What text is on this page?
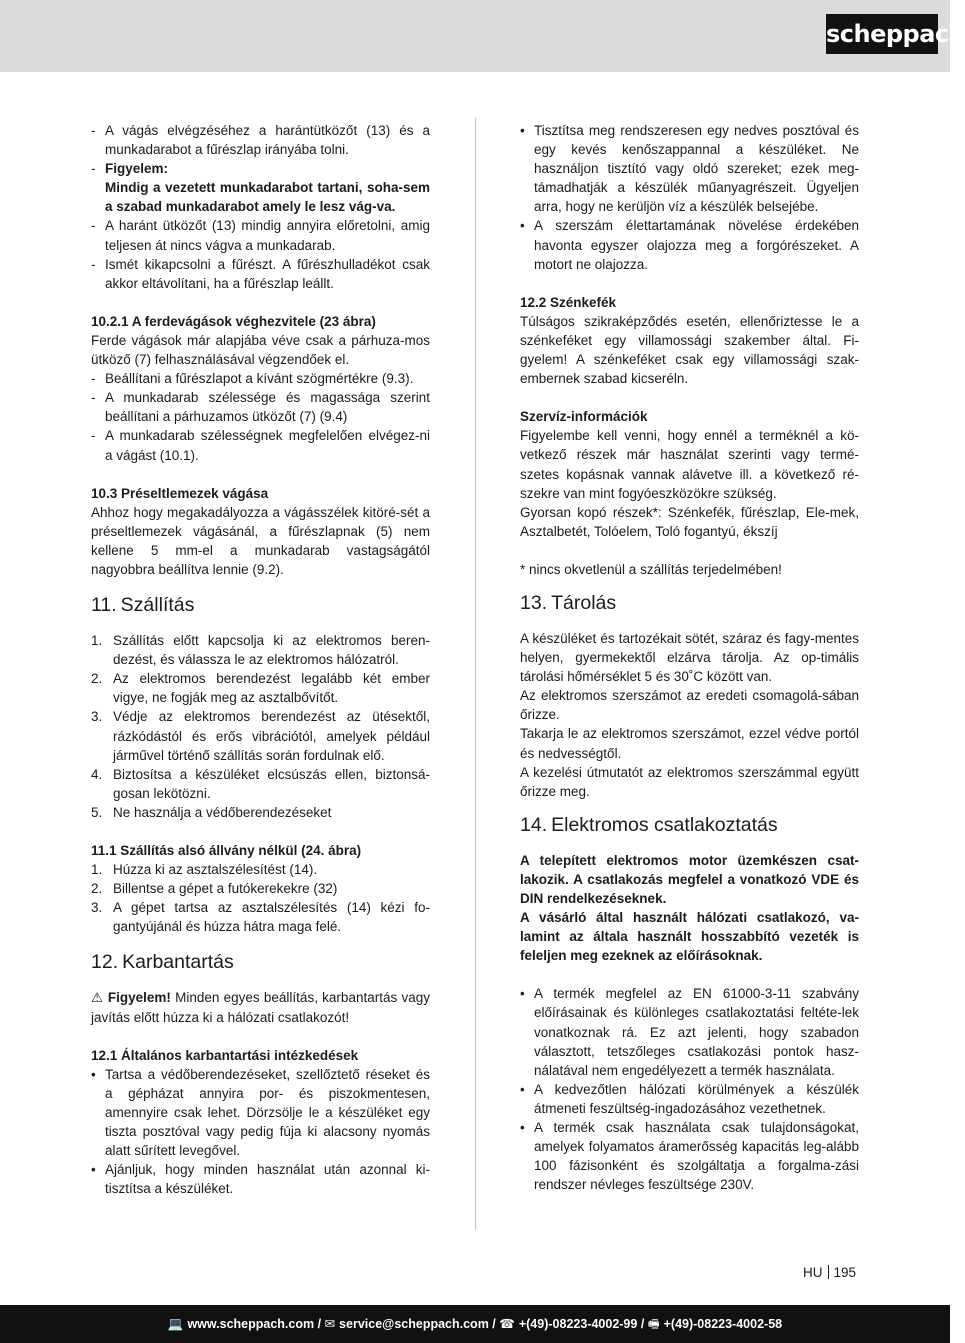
scheppach
- A vágás elvégzéséhez a harántütközőt (13) és a munkadarabot a fűrészlap irányába tolni.
- Figyelem:
Mindig a vezetett munkadarabot tartani, soha-sem a szabad munkadarabot amely le lesz vág-va.
- A haránt ütközőt (13) mindig annyira előretolni, amig teljesen át nincs vágva a munkadarab.
- Ismét kikapcsolni a fűrészt. A fűrészhulladékot csak akkor eltávolítani, ha a fűrészlap leállt.

10.2.1 A ferdevágások véghezvitele (23 ábra)

Ferde vágások már alapjába véve csak a párhuza-mos ütköző (7) felhasználásával végzendőek el.

- Beállítani a fűrészlapot a kívánt szögmértékre (9.3).
- A munkadarab szélessége és magassága szerint beállítani a párhuzamos ütközőt (7) (9.4)
- A munkadarab szélességnek megfelelően elvégez-ni a vágást (10.1).

10.3 Préseltlemezek vágása

Ahhoz hogy megakadályozza a vágásszélek kitöré-sét a préseltlemezek vágásánál, a fűrészlapnak (5) nem kellene 5 mm-el a munkadarab vastagságától nagyobbra beállítva lennie (9.2).

11. Szállítás
1. Szállítás előtt kapcsolja ki az elektromos beren-dezést, és válassza le az elektromos hálózatról.
2. Az elektromos berendezést legalább két ember vigye, ne fogják meg az asztalbővítőt.
3. Védje az elektromos berendezést az ütésektől, rázkódástól és erős vibrációtól, amelyek például járművel történő szállítás során fordulnak elő.
4. Biztosítsa a készüléket elcsúszás ellen, biztonsá-gosan lekötözni.
5. Ne használja a védőberendezéseket

11.1 Szállítás alsó állvány nélkül (24. ábra)

1. Húzza ki az asztalszélesítést (14).
2. Billentse a gépet a futókerekekre (32)
3. A gépet tartsa az asztalszélesítés (14) kézi fo-gantyújánál és húzza hátra maga felé.
12. Karbantartás

⚠ Figyelem! Minden egyes beállítás, karbantartás vagy javítás előtt húzza ki a hálózati csatlakozót!

12.1 Általános karbantartási intézkedések

• Tartsa a védőberendezéseket, szellőztető réseket és a gépházat annyira por- és piszokmentesen, amennyire csak lehet. Dörzsölje le a készüléket egy tiszta posztóval vagy pedig fúja ki alacsony nyomás alatt sűrített levegővel.
• Ajánljuk, hogy minden használat után azonnal ki-tisztítsa a készüléket.
• Tisztítsa meg rendszeresen egy nedves posztóval és egy kevés kenőszappannal a készüléket. Ne használjon tisztító vagy oldó szereket; ezek meg-támadhatják a készülék műanyagrészeit. Ügyeljen arra, hogy ne kerüljön víz a készülék belsejébe.
• A szerszám élettartamának növelése érdekében havonta egyszer olajozza meg a forgórészeket. A motort ne olajozza.

12.2 Szénkefék

Túlságos szikraképződés esetén, ellenőriztesse le a szénkeféket egy villamossági szakember által. Fi-gyelem! A szénkeféket csak egy villamossági szak-embernek szabad kicseréln.

Szervíz-információk

Figyelembe kell venni, hogy ennél a terméknél a kö-vetkező részek már használat szerinti vagy termé-szetes kopásnak vannak alávetve ill. a következő ré-szekre van mint fogyóeszközökre szükség.

Gyorsan kopó részek*: Szénkefék, fűrészlap, Ele-mek, Asztalbetét, Tolóelem, Toló fogantyú, ékszíj

* nincs okvetlenül a szállítás terjedelmében!

13. Tárolás

A készüléket és tartozékait sötét, száraz és fagy-mentes helyen, gyermekektől elzárva tárolja. Az op-timális tárolási hőmérséklet 5 és 30˚C között van.

Az elektromos szerszámot az eredeti csomagolá-sában őrizze.

Takarja le az elektromos szerszámot, ezzel védve portól és nedvességtől.

A kezelési útmutatót az elektromos szerszámmal együtt őrizze meg.

14. Elektromos csatlakoztatás

A telepített elektromos motor üzemkészen csat-lakozik. A csatlakozás megfelel a vonatkozó VDE és DIN rendelkezéseknek.

A vásárló által használt hálózati csatlakozó, va-lamint az általa használt hosszabbító vezeték is feleljen meg ezeknek az előírásoknak.

• A termék megfelel az EN 61000-3-11 szabvány előírásainak és különleges csatlakoztatási feltéte-lek vonatkoznak rá. Ez azt jelenti, hogy szabadon választott, tetszőleges csatlakozási pontok hasz-nálatával nem engedélyezett a termék használata.
• A kedvezőtlen hálózati körülmények a készülék átmeneti feszültség-ingadozásához vezethetnek.
• A termék csak használata csak tulajdonságokat, amelyek folyamatos áramerősség kapacitás leg-alább 100 fázisonként és szolgáltatja a forgalma-zási rendszer névleges feszültsége 230V.
HU 195
💻 www.scheppach.com / ✉ service@scheppach.com / ☎ +(49)-08223-4002-99 / 🖷 +(49)-08223-4002-58
